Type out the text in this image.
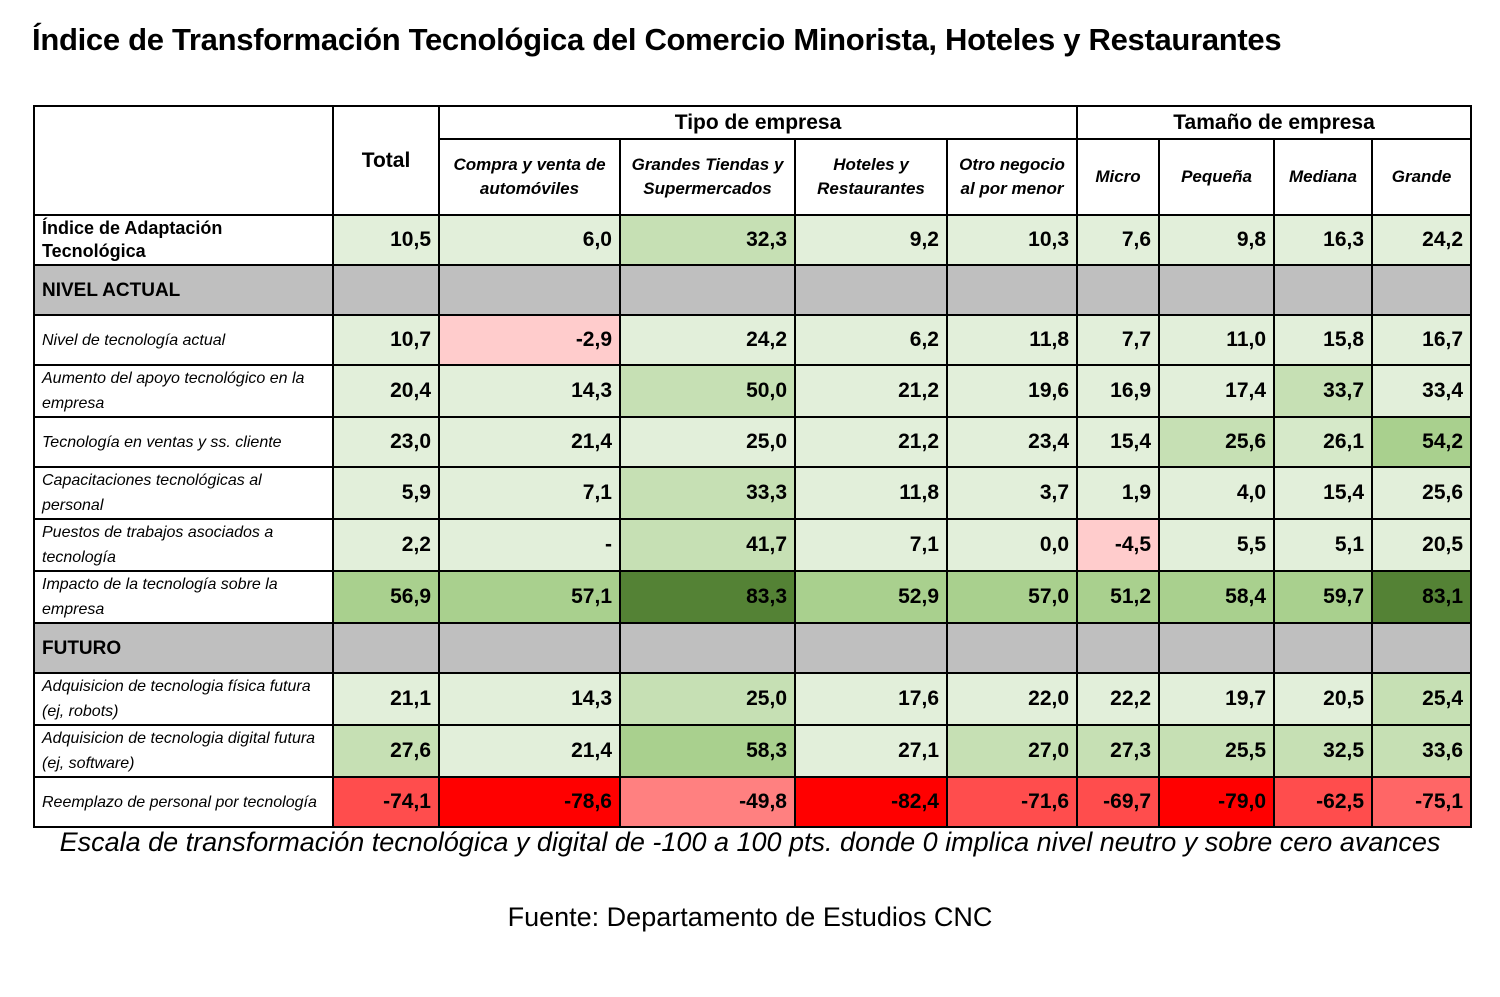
Índice de Transformación Tecnológica del Comercio Minorista, Hoteles y Restaurantes
	Total	Tipo de empresa				Tamaño de empresa			
		Compra y venta de automóviles	Grandes Tiendas y Supermercados	Hoteles y Restaurantes	Otro negocio al por menor	Micro	Pequeña	Mediana	Grande
Índice de Adaptación Tecnológica	10,5	6,0	32,3	9,2	10,3	7,6	9,8	16,3	24,2
NIVEL ACTUAL									
Nivel de tecnología actual	10,7	-2,9	24,2	6,2	11,8	7,7	11,0	15,8	16,7
Aumento del apoyo tecnológico en la empresa	20,4	14,3	50,0	21,2	19,6	16,9	17,4	33,7	33,4
Tecnología en ventas y ss. cliente	23,0	21,4	25,0	21,2	23,4	15,4	25,6	26,1	54,2
Capacitaciones tecnológicas al personal	5,9	7,1	33,3	11,8	3,7	1,9	4,0	15,4	25,6
Puestos de trabajos asociados a tecnología	2,2	-	41,7	7,1	0,0	-4,5	5,5	5,1	20,5
Impacto de la tecnología sobre la empresa	56,9	57,1	83,3	52,9	57,0	51,2	58,4	59,7	83,1
FUTURO									
Adquisicion de tecnologia física futura (ej, robots)	21,1	14,3	25,0	17,6	22,0	22,2	19,7	20,5	25,4
Adquisicion de tecnologia digital futura (ej, software)	27,6	21,4	58,3	27,1	27,0	27,3	25,5	32,5	33,6
Reemplazo de personal por tecnología	-74,1	-78,6	-49,8	-82,4	-71,6	-69,7	-79,0	-62,5	-75,1
Escala de transformación tecnológica y digital de -100 a 100 pts. donde 0 implica nivel neutro y sobre cero avances
Fuente: Departamento de Estudios CNC
